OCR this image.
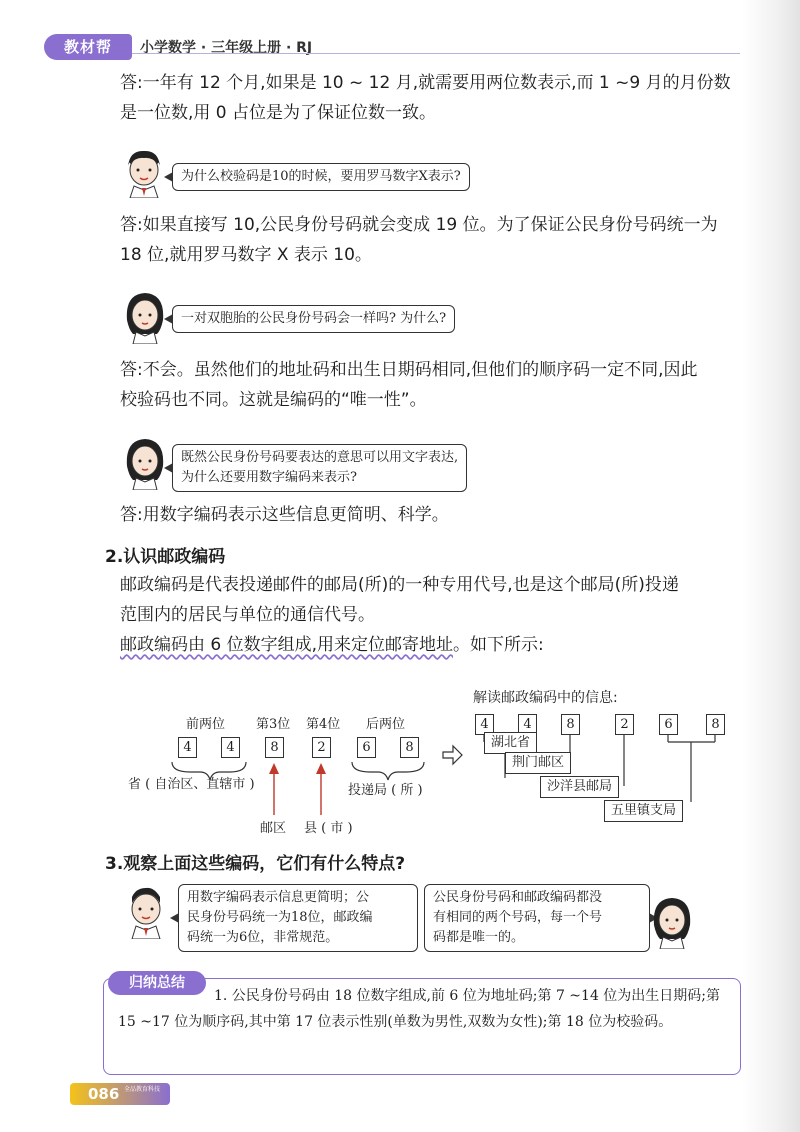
教材帮	小学数学 · 三年级上册 · RJ
答:一年有 12 个月,如果是 10 ~ 12 月,就需要用两位数表示,而 1 ~9 月的月份数
是一位数,用 0 占位是为了保证位数一致。
为什么校验码是10的时候，要用罗马数字X表示?
答:如果直接写 10,公民身份号码就会变成 19 位。为了保证公民身份号码统一为
18 位,就用罗马数字 X 表示 10。
一对双胞胎的公民身份号码会一样吗? 为什么?
答:不会。虽然他们的地址码和出生日期码相同,但他们的顺序码一定不同,因此
校验码也不同。这就是编码的“唯一性”。
既然公民身份号码要表达的意思可以用文字表达,
为什么还要用数字编码来表示?
答:用数字编码表示这些信息更简明、科学。
2.认识邮政编码
邮政编码是代表投递邮件的邮局(所)的一种专用代号,也是这个邮局(所)投递
范围内的居民与单位的通信代号。
邮政编码由 6 位数字组成,用来定位邮寄地址。如下所示:
前两位 第3位 第4位 后两位
4	4	8	2	6	8
省 ( 自治区、直辖市 )	投递局 ( 所 )
邮区 县 ( 市 )
解读邮政编码中的信息:
4	4	8	2	6	8
湖北省
荆门邮区
沙洋县邮局
五里镇支局
3.观察上面这些编码，它们有什么特点?
用数字编码表示信息更简明；公
民身份号码统一为18位，邮政编
码统一为6位，非常规范。
公民身份号码和邮政编码都没
有相同的两个号码，每一个号
码都是唯一的。
归纳总结
1. 公民身份号码由 18 位数字组成,前 6 位为地址码;第 7 ~14 位为出生日期码;第 15 ~17 位为顺序码,其中第 17 位表示性别(单数为男性,双数为女性);第 18 位为校验码。
086 全品教育科技
